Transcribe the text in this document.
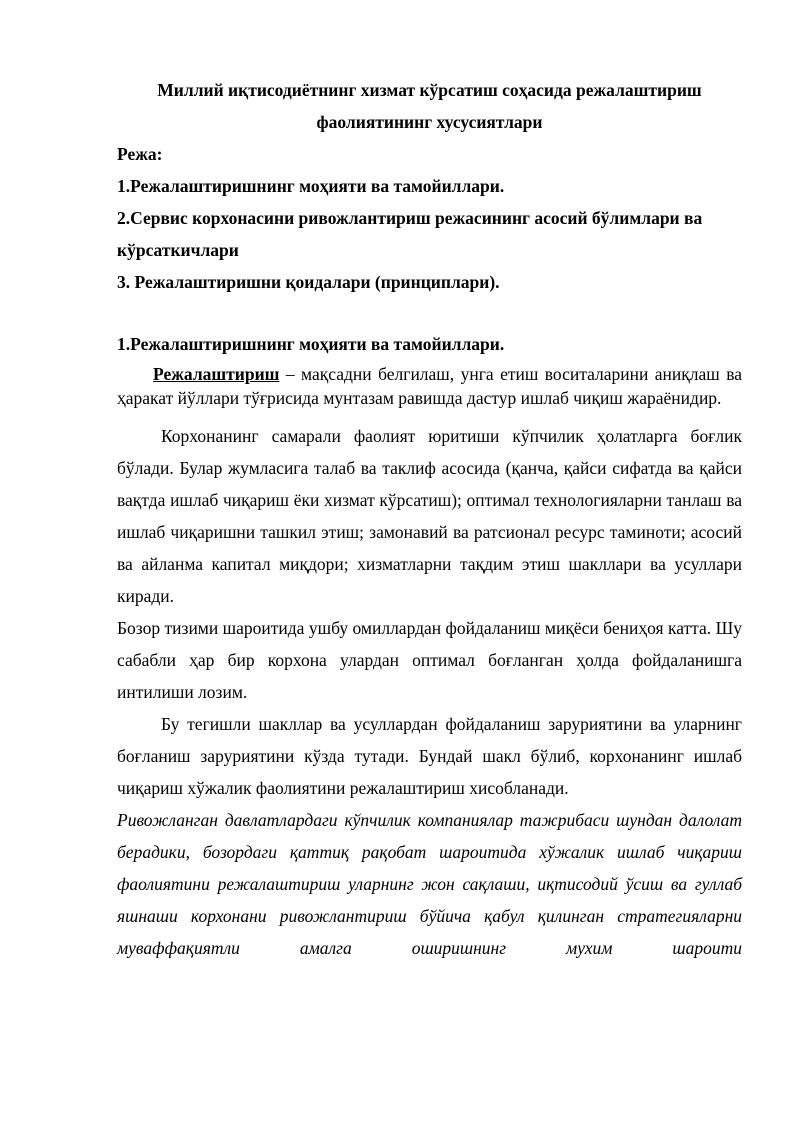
Миллий иқтисодиётнинг хизмат кўрсатиш соҳасида режалаштириш фаолиятининг хусусиятлари

Режа:

1.Режалаштиришнинг моҳияти ва тамойиллари.

2.Сервис корхонасини ривожлантириш режасининг асосий бўлимлари ва кўрсаткичлари

3. Режалаштиришни қоидалари (принциплари).

1.Режалаштиришнинг моҳияти ва тамойиллари.

Режалаштириш – мақсадни белгилаш, унга етиш воситаларини аниқлаш ва ҳаракат йўллари тўғрисида мунтазам равишда дастур ишлаб чиқиш жараёнидир.

Корхонанинг самарали фаолият юритиши кўпчилик ҳолатларга боғлик бўлади. Булар жумласига талаб ва таклиф асосида (қанча, қайси сифатда ва қайси вақтда ишлаб чиқариш ёки хизмат кўрсатиш); оптимал технологияларни танлаш ва ишлаб чиқаришни ташкил этиш; замонавий ва ратсионал ресурс таминоти; асосий ва айланма капитал миқдори; хизматларни тақдим этиш шакллари ва усуллари киради.

Бозор тизими шароитида ушбу омиллардан фойдаланиш миқёси бениҳоя катта. Шу сабабли ҳар бир корхона улардан оптимал боғланган ҳолда фойдаланишга интилиши лозим.

Бу тегишли шакллар ва усуллардан фойдаланиш заруриятини ва уларнинг боғланиш заруриятини кўзда тутади. Бундай шакл бўлиб, корхонанинг ишлаб чиқариш хўжалик фаолиятини режалаштириш хисобланади.

Ривожланган давлатлардаги кўпчилик компаниялар тажрибаси шундан далолат берадики, бозордаги қаттиқ рақобат шароитида хўжалик ишлаб чиқариш фаолиятини режалаштириш уларнинг жон сақлаши, иқтисодий ўсиш ва гуллаб яшнаши корхонани ривожлантириш бўйича қабул қилинган стратегияларни муваффақиятли амалга оширишнинг мухим шароити
